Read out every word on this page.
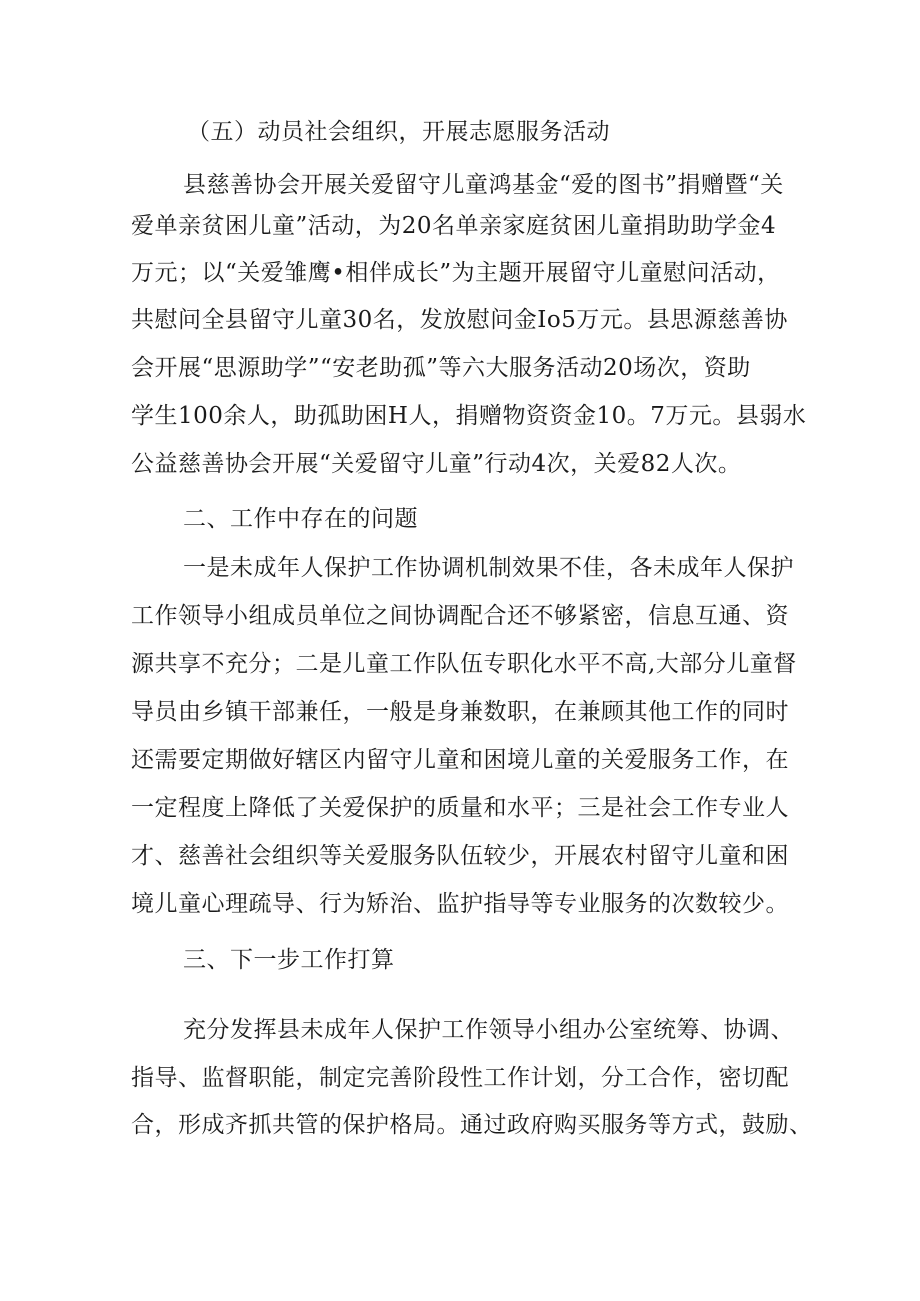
（五）动员社会组织，开展志愿服务活动
县慈善协会开展关爱留守儿童鸿基金“爱的图书”捐赠暨“关
爱单亲贫困儿童”活动，为20名单亲家庭贫困儿童捐助助学金4
万元；以“关爱雏鹰•相伴成长”为主题开展留守儿童慰问活动，
共慰问全县留守儿童30名，发放慰问金Io5万元。县思源慈善协
会开展“思源助学”“安老助孤”等六大服务活动20场次，资助
学生100余人，助孤助困H人，捐赠物资资金10。7万元。县弱水
公益慈善协会开展“关爱留守儿童”行动4次，关爱82人次。
二、工作中存在的问题
一是未成年人保护工作协调机制效果不佳，各未成年人保护
工作领导小组成员单位之间协调配合还不够紧密，信息互通、资
源共享不充分；二是儿童工作队伍专职化水平不高,大部分儿童督
导员由乡镇干部兼任，一般是身兼数职，在兼顾其他工作的同时
还需要定期做好辖区内留守儿童和困境儿童的关爱服务工作，在
一定程度上降低了关爱保护的质量和水平；三是社会工作专业人
才、慈善社会组织等关爱服务队伍较少，开展农村留守儿童和困
境儿童心理疏导、行为矫治、监护指导等专业服务的次数较少。
三、下一步工作打算
充分发挥县未成年人保护工作领导小组办公室统筹、协调、
指导、监督职能，制定完善阶段性工作计划，分工合作，密切配
合，形成齐抓共管的保护格局。通过政府购买服务等方式，鼓励、
